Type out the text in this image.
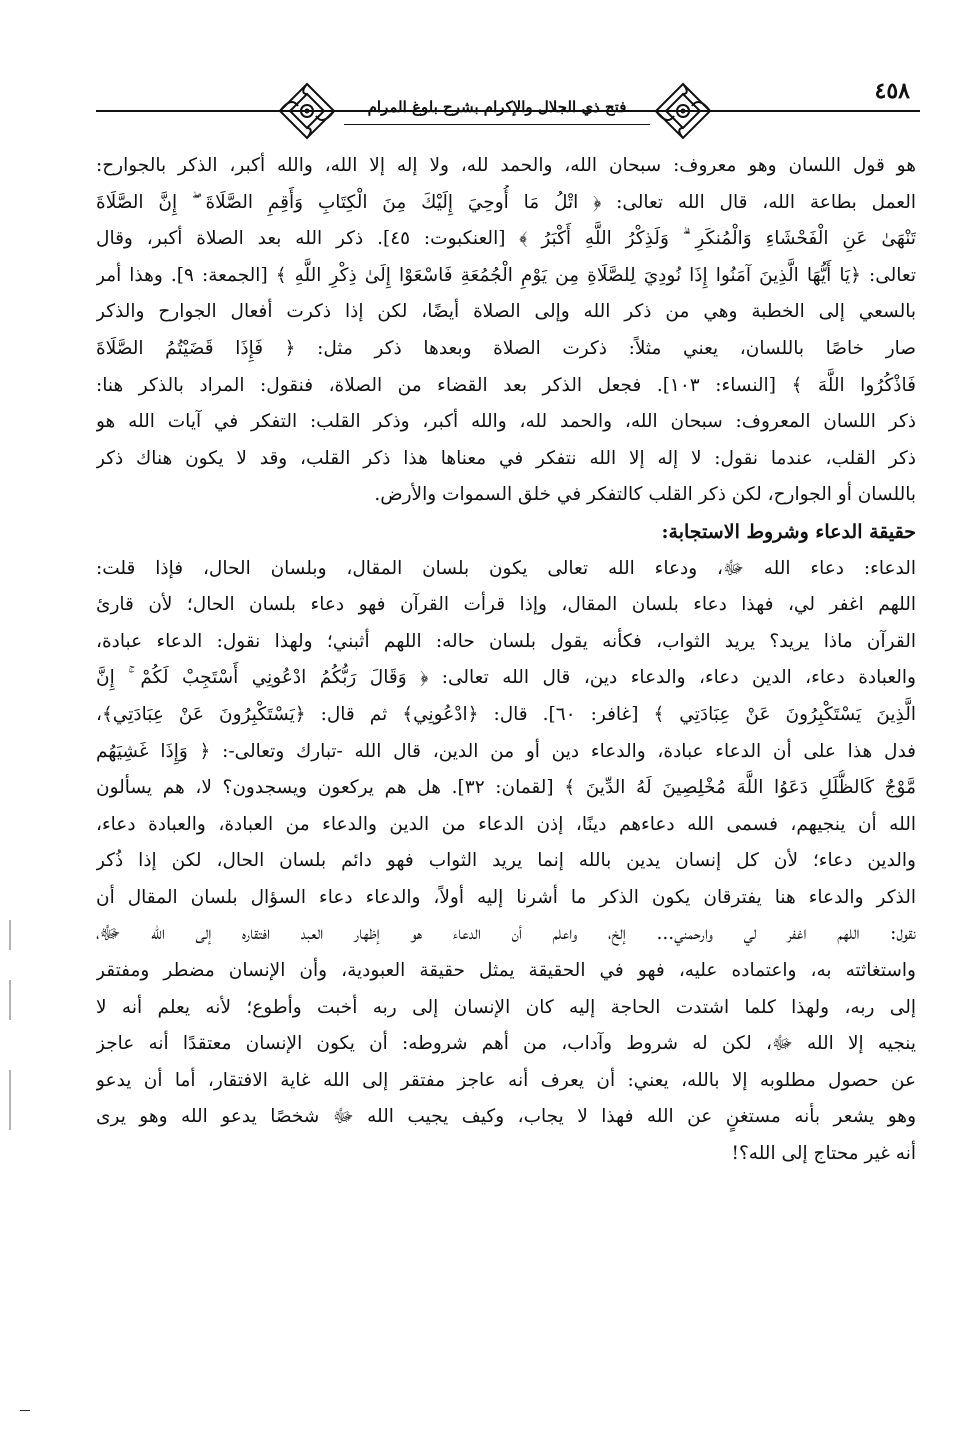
٤٥٨
فتح ذي الجلال والإكرام بشرح بلوغ المرام
هو قول اللسان وهو معروف: سبحان الله، والحمد لله، ولا إله إلا الله، والله أكبر، الذكر بالجوارح:
العمل بطاعة الله، قال الله تعالى: ﴿ اتْلُ مَا أُوحِيَ إِلَيْكَ مِنَ الْكِتَابِ وَأَقِمِ الصَّلَاةَ ۖ إِنَّ الصَّلَاةَ
تَنْهَىٰ عَنِ الْفَحْشَاءِ وَالْمُنكَرِ ۗ وَلَذِكْرُ اللَّهِ أَكْبَرُ ﴾ [العنكبوت: ٤٥]. ذكر الله بعد الصلاة أكبر، وقال
تعالى: ﴿يَا أَيُّهَا الَّذِينَ آمَنُوا إِذَا نُودِيَ لِلصَّلَاةِ مِن يَوْمِ الْجُمُعَةِ فَاسْعَوْا إِلَىٰ ذِكْرِ اللَّهِ ﴾ [الجمعة: ٩]. وهذا أمر
بالسعي إلى الخطبة وهي من ذكر الله وإلى الصلاة أيضًا، لكن إذا ذكرت أفعال الجوارح والذكر
صار خاصًا باللسان، يعني مثلاً: ذكرت الصلاة وبعدها ذكر مثل: ﴿ فَإِذَا قَضَيْتُمُ الصَّلَاةَ
فَاذْكُرُوا اللَّهَ ﴾ [النساء: ١٠٣]. فجعل الذكر بعد القضاء من الصلاة، فنقول: المراد بالذكر هنا:
ذكر اللسان المعروف: سبحان الله، والحمد لله، والله أكبر، وذكر القلب: التفكر في آيات الله هو
ذكر القلب، عندما نقول: لا إله إلا الله نتفكر في معناها هذا ذكر القلب، وقد لا يكون هناك ذكر
باللسان أو الجوارح، لكن ذكر القلب كالتفكر في خلق السموات والأرض.
حقيقة الدعاء وشروط الاستجابة:
الدعاء: دعاء الله ﷻ، ودعاء الله تعالى يكون بلسان المقال، وبلسان الحال، فإذا قلت:
اللهم اغفر لي، فهذا دعاء بلسان المقال، وإذا قرأت القرآن فهو دعاء بلسان الحال؛ لأن قارئ
القرآن ماذا يريد؟ يريد الثواب، فكأنه يقول بلسان حاله: اللهم أثبني؛ ولهذا نقول: الدعاء عبادة،
والعبادة دعاء، الدين دعاء، والدعاء دين، قال الله تعالى: ﴿ وَقَالَ رَبُّكُمُ ادْعُونِي أَسْتَجِبْ لَكُمْ ۚ إِنَّ
الَّذِينَ يَسْتَكْبِرُونَ عَنْ عِبَادَتِي ﴾ [غافر: ٦٠]. قال: ﴿ادْعُونِي﴾ ثم قال: ﴿يَسْتَكْبِرُونَ عَنْ عِبَادَتِي﴾،
فدل هذا على أن الدعاء عبادة، والدعاء دين أو من الدين، قال الله -تبارك وتعالى-: ﴿ وَإِذَا غَشِيَهُم
مَّوْجٌ كَالظُّلَلِ دَعَوُا اللَّهَ مُخْلِصِينَ لَهُ الدِّينَ ﴾ [لقمان: ٣٢]. هل هم يركعون ويسجدون؟ لا، هم يسألون
الله أن ينجيهم، فسمى الله دعاءهم دينًا، إذن الدعاء من الدين والدعاء من العبادة، والعبادة دعاء،
والدين دعاء؛ لأن كل إنسان يدين بالله إنما يريد الثواب فهو دائم بلسان الحال، لكن إذا ذُكر
الذكر والدعاء هنا يفترقان يكون الذكر ما أشرنا إليه أولاً، والدعاء دعاء السؤال بلسان المقال أن
نقول: اللهم اغفر لي وارحمني... إلخ، واعلم أن الدعاء هو إظهار العبد افتقاره إلى الله ﷻ،
واستغاثته به، واعتماده عليه، فهو في الحقيقة يمثل حقيقة العبودية، وأن الإنسان مضطر ومفتقر
إلى ربه، ولهذا كلما اشتدت الحاجة إليه كان الإنسان إلى ربه أخبت وأطوع؛ لأنه يعلم أنه لا
ينجيه إلا الله ﷻ، لكن له شروط وآداب، من أهم شروطه: أن يكون الإنسان معتقدًا أنه عاجز
عن حصول مطلوبه إلا بالله، يعني: أن يعرف أنه عاجز مفتقر إلى الله غاية الافتقار، أما أن يدعو
وهو يشعر بأنه مستغنٍ عن الله فهذا لا يجاب، وكيف يجيب الله ﷻ شخصًا يدعو الله وهو يرى
أنه غير محتاج إلى الله؟!
